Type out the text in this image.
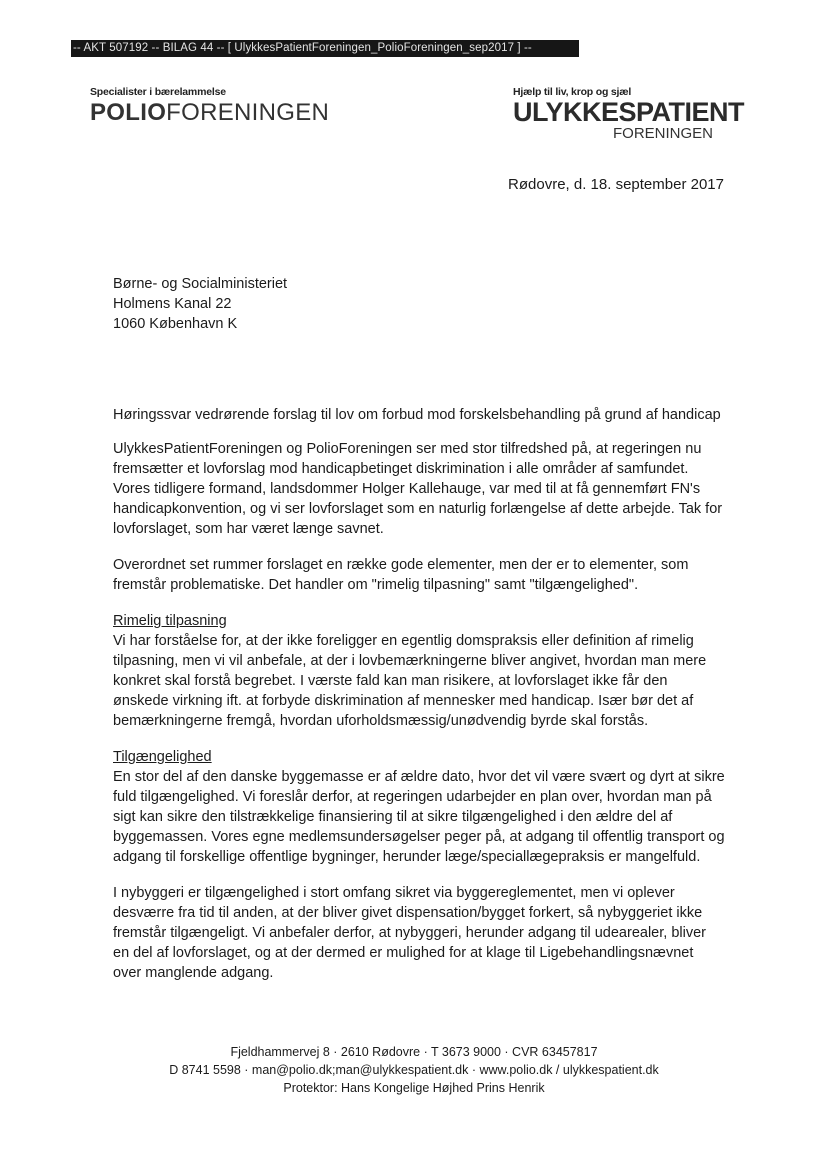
-- AKT 507192 -- BILAG 44 -- [ UlykkesPatientForeningen_PolioForeningen_sep2017 ] --
Specialister i bærelammelse
POLIOFORENINGEN
Hjælp til liv, krop og sjæl
ULYKKESPATIENT
FORENINGEN
Rødovre, d. 18. september 2017
Børne- og Socialministeriet
Holmens Kanal 22
1060 København K

Høringssvar vedrørende forslag til lov om forbud mod forskelsbehandling på grund af handicap

UlykkesPatientForeningen og PolioForeningen ser med stor tilfredshed på, at regeringen nu fremsætter et lovforslag mod handicapbetinget diskrimination i alle områder af samfundet. Vores tidligere formand, landsdommer Holger Kallehauge, var med til at få gennemført FN's handicapkonvention, og vi ser lovforslaget som en naturlig forlængelse af dette arbejde. Tak for lovforslaget, som har været længe savnet.

Overordnet set rummer forslaget en række gode elementer, men der er to elementer, som fremstår problematiske. Det handler om "rimelig tilpasning" samt "tilgængelighed".

Rimelig tilpasning

Vi har forståelse for, at der ikke foreligger en egentlig domspraksis eller definition af rimelig tilpasning, men vi vil anbefale, at der i lovbemærkningerne bliver angivet, hvordan man mere konkret skal forstå begrebet. I værste fald kan man risikere, at lovforslaget ikke får den ønskede virkning ift. at forbyde diskrimination af mennesker med handicap. Især bør det af bemærkningerne fremgå, hvordan uforholdsmæssig/unødvendig byrde skal forstås.

Tilgængelighed

En stor del af den danske byggemasse er af ældre dato, hvor det vil være svært og dyrt at sikre fuld tilgængelighed. Vi foreslår derfor, at regeringen udarbejder en plan over, hvordan man på sigt kan sikre den tilstrækkelige finansiering til at sikre tilgængelighed i den ældre del af byggemassen. Vores egne medlemsundersøgelser peger på, at adgang til offentlig transport og adgang til forskellige offentlige bygninger, herunder læge/speciallægepraksis er mangelfuld.

I nybyggeri er tilgængelighed i stort omfang sikret via byggereglementet, men vi oplever desværre fra tid til anden, at der bliver givet dispensation/bygget forkert, så nybyggeriet ikke fremstår tilgængeligt. Vi anbefaler derfor, at nybyggeri, herunder adgang til udearealer, bliver en del af lovforslaget, og at der dermed er mulighed for at klage til Ligebehandlingsnævnet over manglende adgang.

Fjeldhammervej 8 · 2610 Rødovre · T 3673 9000 · CVR 63457817
D 8741 5598 · man@polio.dk;man@ulykkespatient.dk · www.polio.dk / ulykkespatient.dk
Protektor: Hans Kongelige Højhed Prins Henrik
